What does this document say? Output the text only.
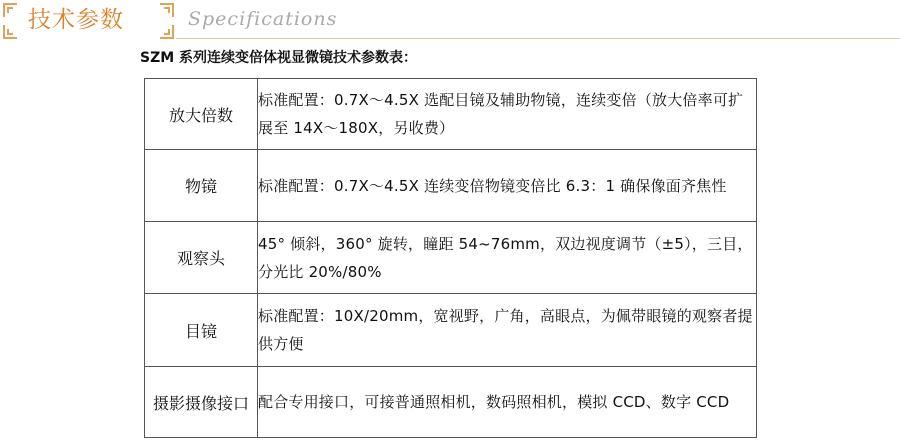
技术参数	Specifications
SZM 系列连续变倍体视显微镜技术参数表：
放大倍数	标准配置：0.7X～4.5X 选配目镜及辅助物镜，连续变倍（放大倍率可扩展至 14X～180X，另收费）
物镜	标准配置：0.7X～4.5X 连续变倍物镜变倍比 6.3：1 确保像面齐焦性
观察头	45° 倾斜，360° 旋转，瞳距 54~76mm，双边视度调节（±5），三目，分光比 20%/80%
目镜	标准配置：10X/20mm，宽视野，广角，高眼点，为佩带眼镜的观察者提供方便
摄影摄像接口	配合专用接口，可接普通照相机，数码照相机，模拟 CCD、数字 CCD
